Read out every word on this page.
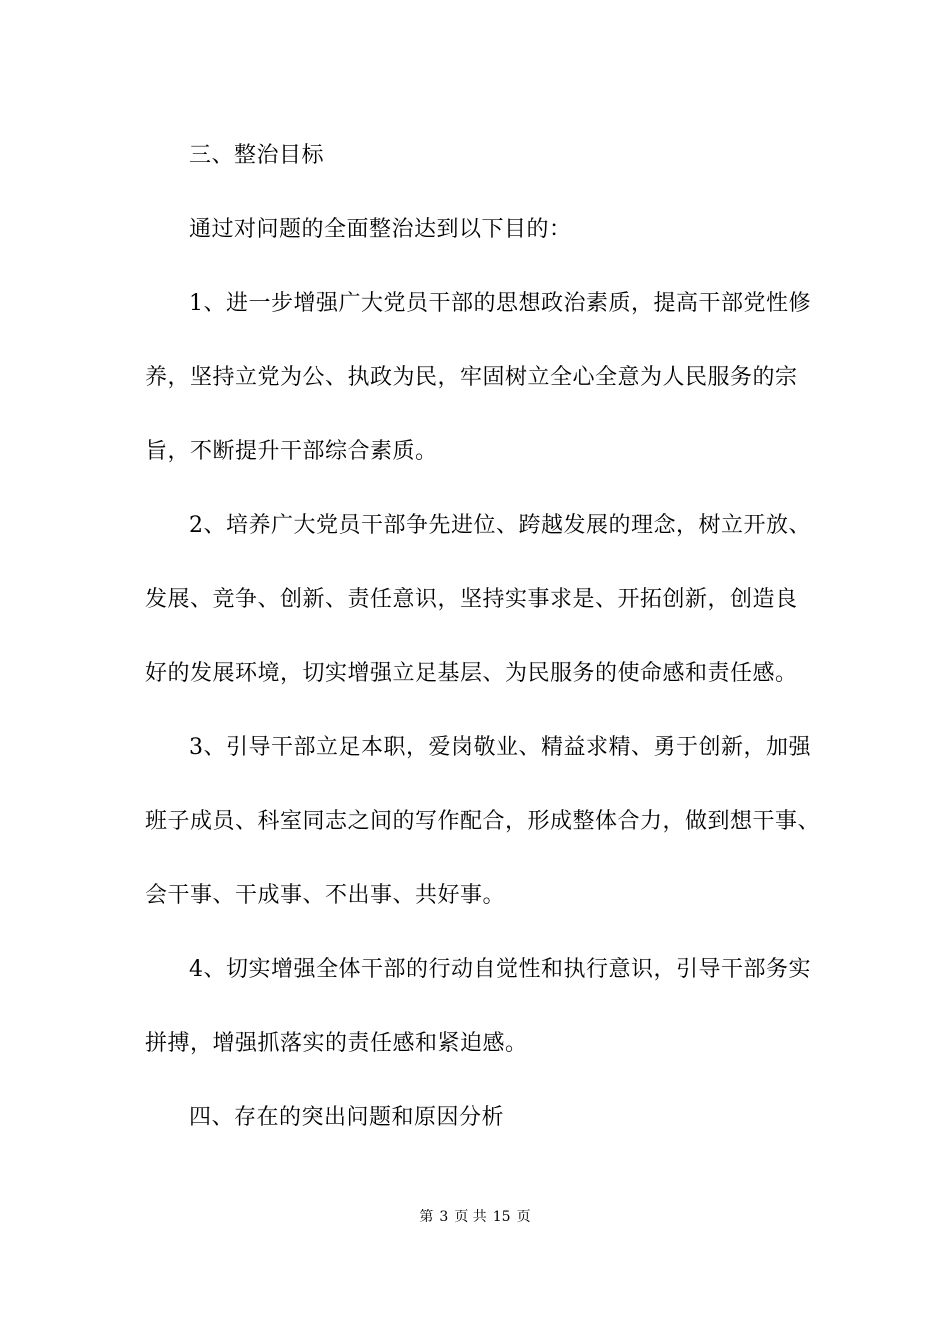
三、整治目标
通过对问题的全面整治达到以下目的：
1、进一步增强广大党员干部的思想政治素质，提高干部党性修
养，坚持立党为公、执政为民，牢固树立全心全意为人民服务的宗
旨，不断提升干部综合素质。
2、培养广大党员干部争先进位、跨越发展的理念，树立开放、
发展、竞争、创新、责任意识，坚持实事求是、开拓创新，创造良
好的发展环境，切实增强立足基层、为民服务的使命感和责任感。
3、引导干部立足本职，爱岗敬业、精益求精、勇于创新，加强
班子成员、科室同志之间的写作配合，形成整体合力，做到想干事、
会干事、干成事、不出事、共好事。
4、切实增强全体干部的行动自觉性和执行意识，引导干部务实
拼搏，增强抓落实的责任感和紧迫感。
四、存在的突出问题和原因分析
第 3 页 共 15 页
